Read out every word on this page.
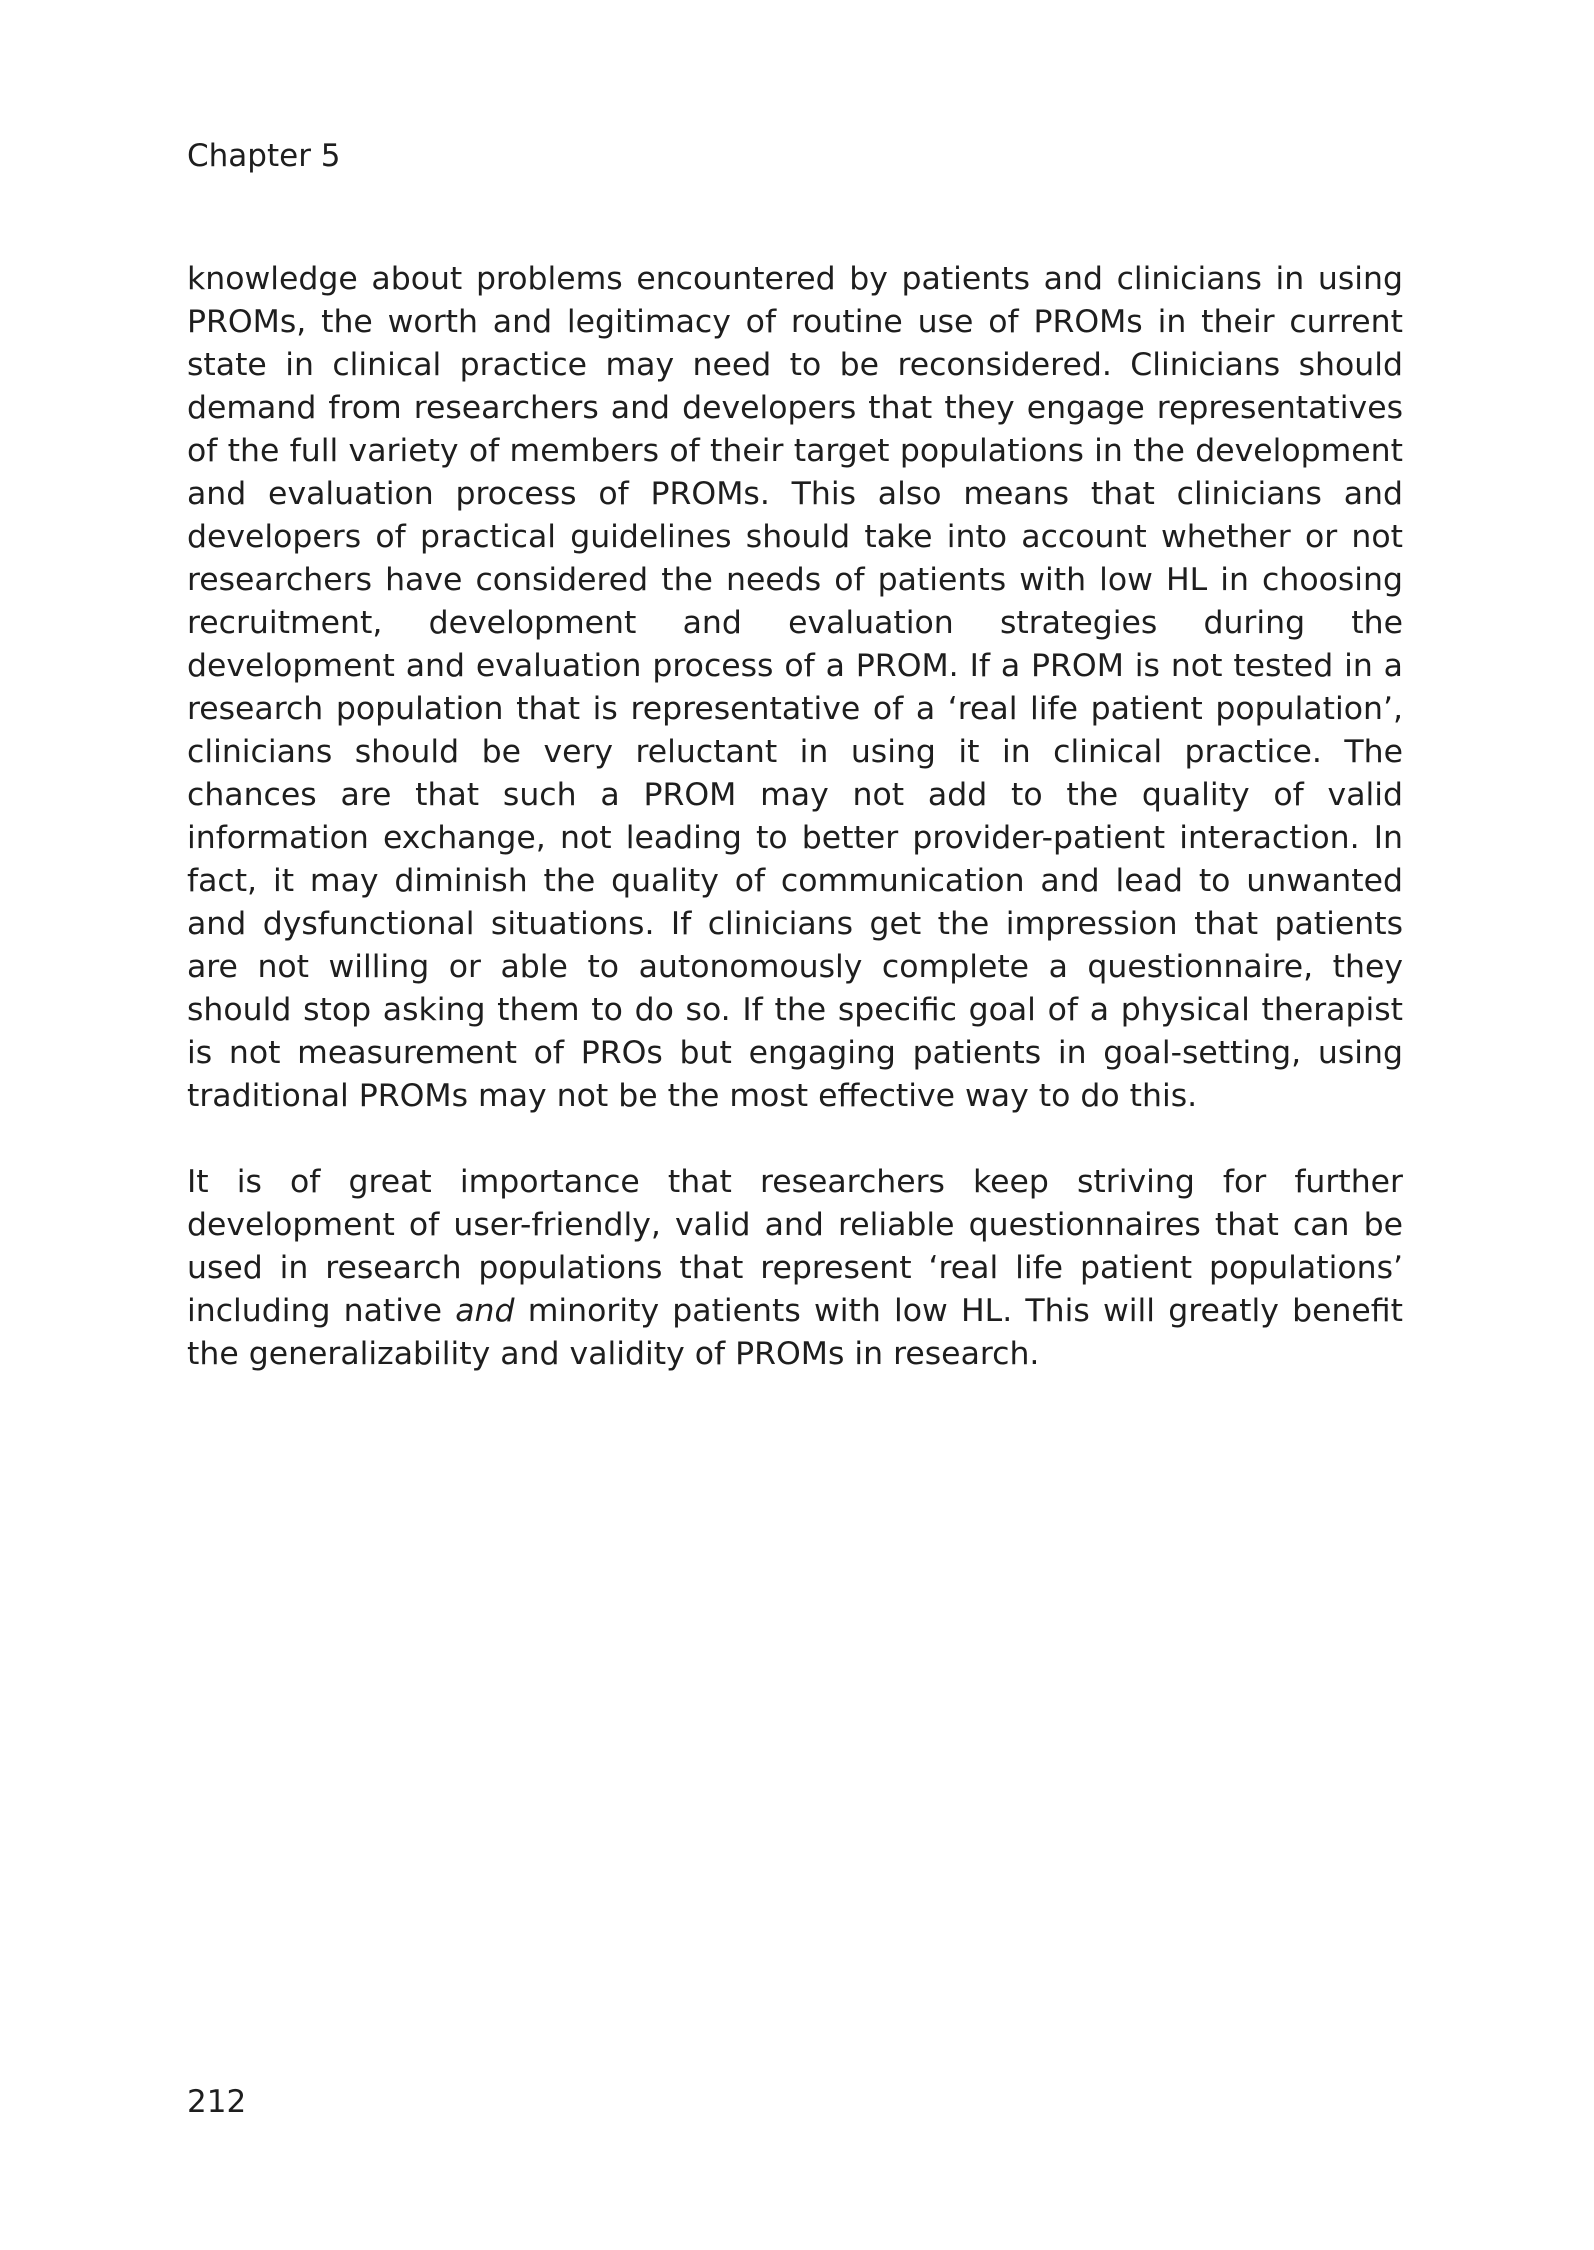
Chapter 5

knowledge about problems encountered by patients and clinicians in using PROMs, the worth and legitimacy of routine use of PROMs in their current state in clinical practice may need to be reconsidered. Clinicians should demand from researchers and developers that they engage representatives of the full variety of members of their target populations in the development and evaluation process of PROMs. This also means that clinicians and developers of practical guidelines should take into account whether or not researchers have considered the needs of patients with low HL in choosing recruitment, development and evaluation strategies during the development and evaluation process of a PROM. If a PROM is not tested in a research population that is representative of a ‘real life patient population’, clinicians should be very reluctant in using it in clinical practice. The chances are that such a PROM may not add to the quality of valid information exchange, not leading to better provider-patient interaction. In fact, it may diminish the quality of communication and lead to unwanted and dysfunctional situations. If clinicians get the impression that patients are not willing or able to autonomously complete a questionnaire, they should stop asking them to do so. If the specific goal of a physical therapist is not measurement of PROs but engaging patients in goal-setting, using traditional PROMs may not be the most effective way to do this.

It is of great importance that researchers keep striving for further development of user-friendly, valid and reliable questionnaires that can be used in research populations that represent ‘real life patient populations’ including native and minority patients with low HL. This will greatly benefit the generalizability and validity of PROMs in research.

212
